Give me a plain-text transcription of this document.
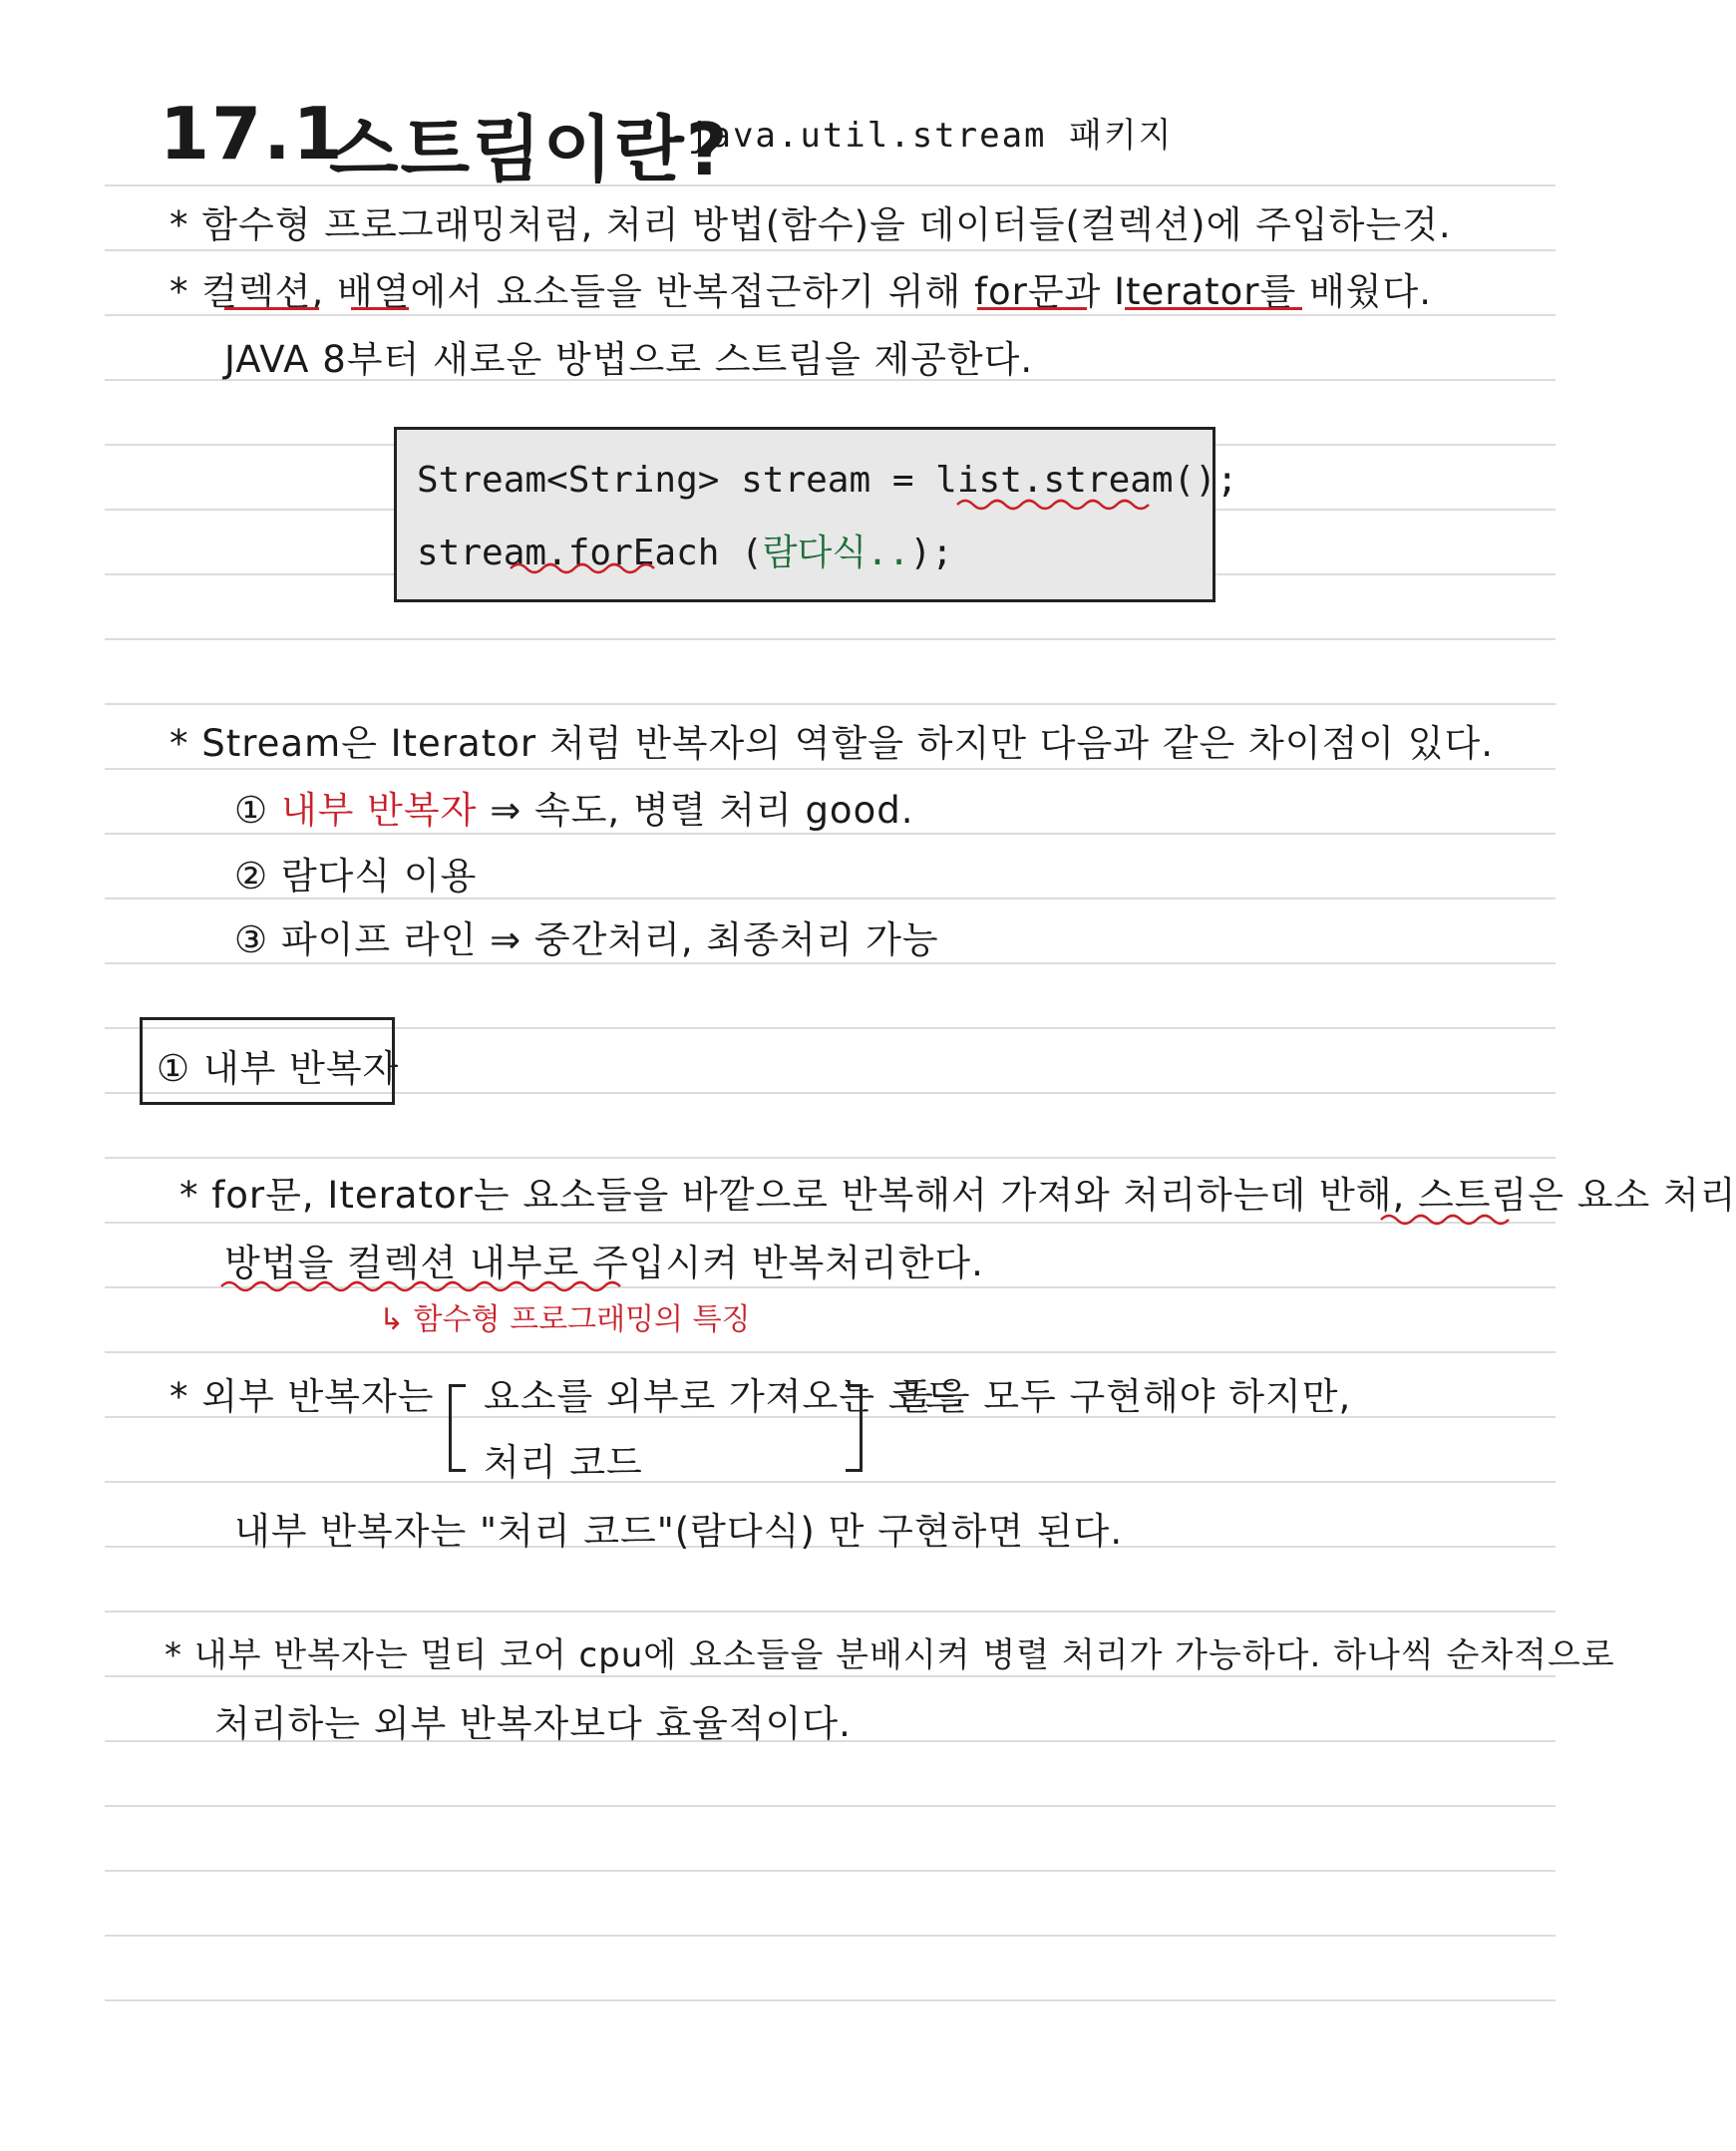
17.1
스트림이란?
java.util.stream 패키지
* 함수형 프로그래밍처럼, 처리 방법(함수)을 데이터들(컬렉션)에 주입하는것.
* 컬렉션, 배열에서 요소들을 반복접근하기 위해 for문과 Iterator를 배웠다.
JAVA 8부터 새로운 방법으로 스트림을 제공한다.
Stream<String> stream = list.stream();
stream.forEach (람다식..);
* Stream은 Iterator 처럼 반복자의 역할을 하지만 다음과 같은 차이점이 있다.
① 내부 반복자 ⇒ 속도, 병렬 처리 good.
② 람다식 이용
③ 파이프 라인 ⇒ 중간처리, 최종처리 가능
① 내부 반복자
* for문, Iterator는 요소들을 바깥으로 반복해서 가져와 처리하는데 반해, 스트림은 요소 처리
방법을 컬렉션 내부로 주입시켜 반복처리한다.
↳ 함수형 프로그래밍의 특징
* 외부 반복자는 요소를 외부로 가져오는 코드
처리 코드
들을 모두 구현해야 하지만,
내부 반복자는 "처리 코드"(람다식) 만 구현하면 된다.
* 내부 반복자는 멀티 코어 cpu에 요소들을 분배시켜 병렬 처리가 가능하다. 하나씩 순차적으로
처리하는 외부 반복자보다 효율적이다.
